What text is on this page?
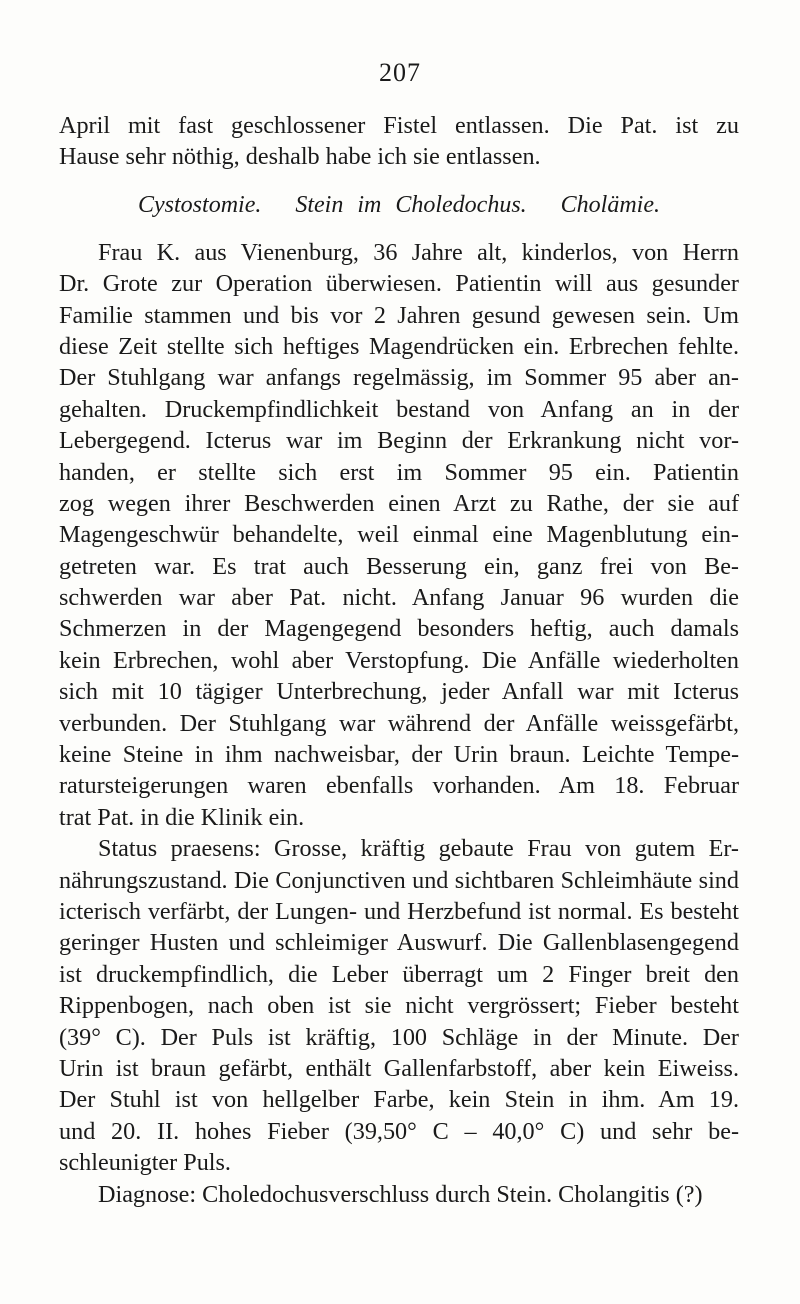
207
April mit fast geschlossener Fistel entlassen. Die Pat. ist zu
Hause sehr nöthig, deshalb habe ich sie entlassen.
Cystostomie. Stein im Choledochus. Cholämie.
Frau K. aus Vienenburg, 36 Jahre alt, kinderlos, von Herrn
Dr. Grote zur Operation überwiesen. Patientin will aus gesunder
Familie stammen und bis vor 2 Jahren gesund gewesen sein. Um
diese Zeit stellte sich heftiges Magendrücken ein. Erbrechen fehlte.
Der Stuhlgang war anfangs regelmässig, im Sommer 95 aber an-
gehalten. Druckempfindlichkeit bestand von Anfang an in der
Lebergegend. Icterus war im Beginn der Erkrankung nicht vor-
handen, er stellte sich erst im Sommer 95 ein. Patientin
zog wegen ihrer Beschwerden einen Arzt zu Rathe, der sie auf
Magengeschwür behandelte, weil einmal eine Magenblutung ein-
getreten war. Es trat auch Besserung ein, ganz frei von Be-
schwerden war aber Pat. nicht. Anfang Januar 96 wurden die
Schmerzen in der Magengegend besonders heftig, auch damals
kein Erbrechen, wohl aber Verstopfung. Die Anfälle wiederholten
sich mit 10 tägiger Unterbrechung, jeder Anfall war mit Icterus
verbunden. Der Stuhlgang war während der Anfälle weissgefärbt,
keine Steine in ihm nachweisbar, der Urin braun. Leichte Tempe-
ratursteigerungen waren ebenfalls vorhanden. Am 18. Februar
trat Pat. in die Klinik ein.
Status praesens: Grosse, kräftig gebaute Frau von gutem Er-
nährungszustand. Die Conjunctiven und sichtbaren Schleimhäute sind
icterisch verfärbt, der Lungen- und Herzbefund ist normal. Es besteht
geringer Husten und schleimiger Auswurf. Die Gallenblasengegend
ist druckempfindlich, die Leber überragt um 2 Finger breit den
Rippenbogen, nach oben ist sie nicht vergrössert; Fieber besteht
(39° C). Der Puls ist kräftig, 100 Schläge in der Minute. Der
Urin ist braun gefärbt, enthält Gallenfarbstoff, aber kein Eiweiss.
Der Stuhl ist von hellgelber Farbe, kein Stein in ihm. Am 19.
und 20. II. hohes Fieber (39,50° C – 40,0° C) und sehr be-
schleunigter Puls.
Diagnose: Choledochusverschluss durch Stein. Cholangitis (?)
